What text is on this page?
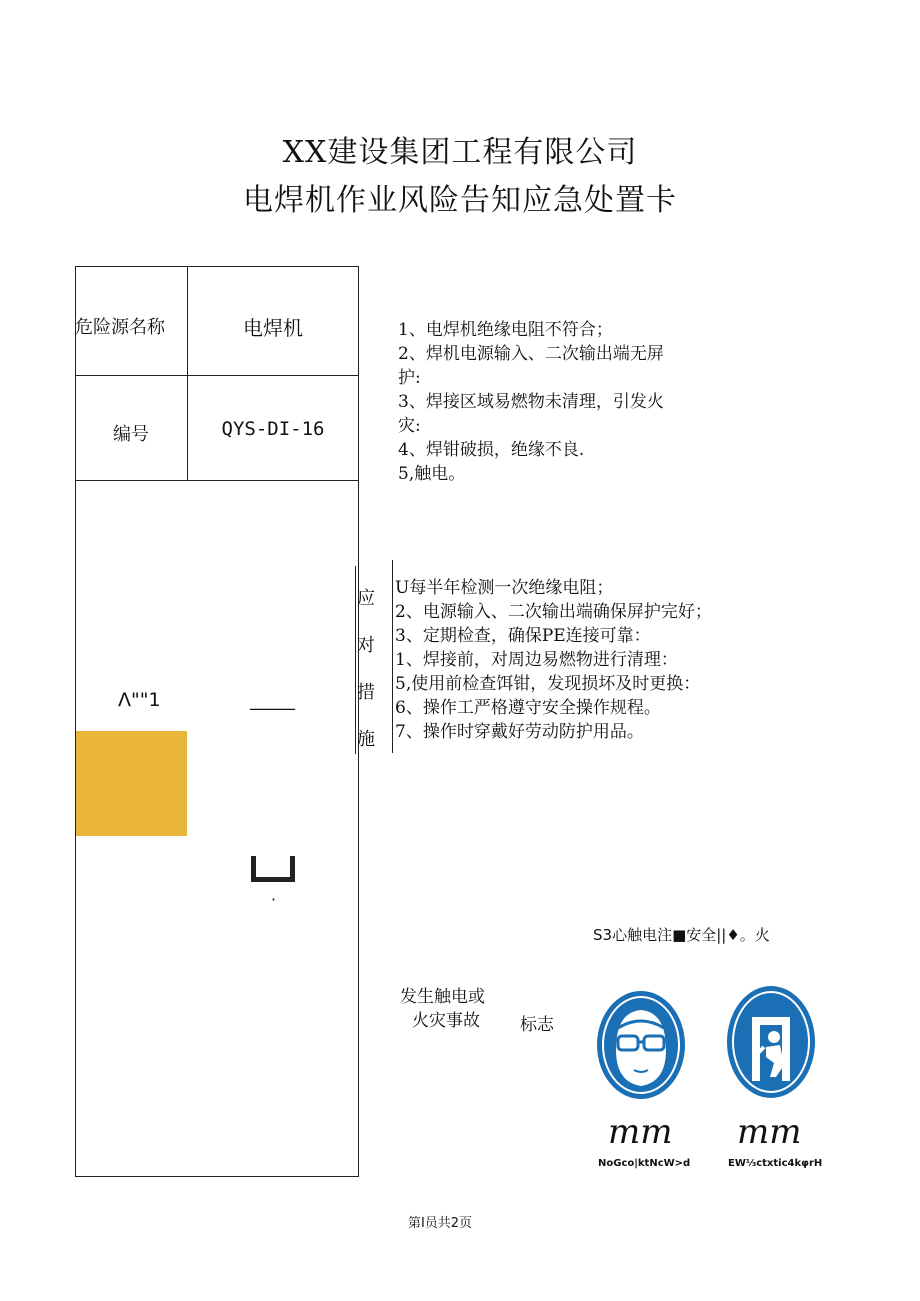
XX建设集团工程有限公司
电焊机作业风险告知应急处置卡
危险源名称	电焊机
编号	QYS-DI-16
Λ""1	_____
·
1、电焊机绝缘电阻不符合；
2、焊机电源输入、二次输出端无屏
护:
3、焊接区域易燃物未清理，引发火
灾:
4、焊钳破损，绝缘不良.
5,触电。
应
对
措
施
U每半年检测一次绝缘电阻；
2、电源输入、二次输出端确保屏护完好；
3、定期检查，确保PE连接可靠：
1、焊接前，对周边易燃物进行清理：
5,使用前检查饵钳，发现损坏及时更换：
6、操作工严格遵守安全操作规程。
7、操作时穿戴好劳动防护用品。
S3心触电注■安全||♦。火
发生触电或
火灾事故 标志
mm
NoGco|ktNcW>d
mm
EW⅓ctxtic4kφrH
第I员共2页
